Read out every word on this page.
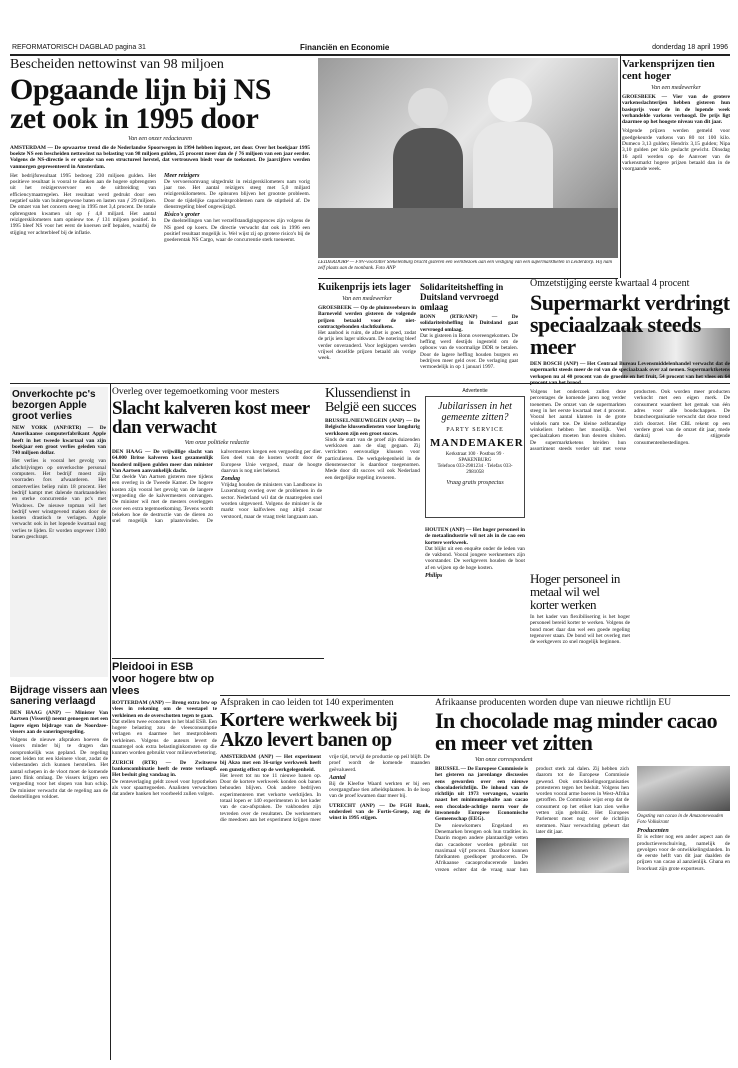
REFORMATORISCH DAGBLAD pagina 31	Financiën en Economie	donderdag 18 april 1996
Bescheiden nettowinst van 98 miljoen
Opgaande lijn bij NS zet ook in 1995 door
Van een onzer redacteuren
AMSTERDAM — De opwaartse trend die de Nederlandse Spoorwegen in 1994 hebben ingezet, zet door. Over het boekjaar 1995 boekte NS een bescheiden nettowinst na belasting van 98 miljoen gulden, 25 procent meer dan de ƒ 76 miljoen van een jaar eerder. Volgens de NS-directie is er sprake van een structureel herstel, dat vertrouwen biedt voor de toekomst. De jaarcijfers werden vanmorgen gepresenteerd in Amsterdam.
Het bedrijfsresultaat 1995 bedroeg 230 miljoen gulden. Het positieve resultaat is vooral te danken aan de hogere opbrengsten uit het reizigersvervoer en de uitbreiding van efficiencymaatregelen. Het resultaat werd gedrukt door een negatief saldo van buitengewone baten en lasten van ƒ 29 miljoen. De omzet van het concern steeg in 1995 met 3,4 procent. De totale opbrengsten kwamen uit op ƒ 4,8 miljard. Het aantal reizigerskilometers nam opnieuw toe. ƒ 131 miljoen positief. In 1995 bleef NS voor het eerst de koersen zelf bepalen, waarbij de stijging ver achterbleef bij de inflatie.
Meer reizigers
De vervoersomvang uitgedrukt in reizigerskilometers nam vorig jaar toe. Het aantal reizigers steeg met 5,0 miljard reizigerskilometers. De spitsuren blijven het grootste probleem. Door de tijdelijke capaciteitsproblemen nam de stiptheid af. De dienstregeling bleef ongewijzigd.
Risico's groter
De doelstellingen van het verzelfstandigingsproces zijn volgens de NS goed op koers. De directie verwacht dat ook in 1996 een positief resultaat mogelijk is. Wel wijst zij op grotere risico's bij de goederentak NS Cargo, waar de concurrentie sterk toeneemt.
LEIDERDORP — FNV-voorzitter Stekelenburg bracht gisteren een werkbezoek aan een vestiging van een supermarktketen in Leiderdorp. Hij nam zelf plaats aan de toonbank. Foto ANP
Varkensprijzen tien cent hoger
Van een medewerker
GROESBEEK — Vier van de grotere varkensslachterijen hebben gisteren hun basisprijs voor de in de lopende week verhandelde varkens verhoogd. De prijs ligt daarmee op het hoogste niveau van dit jaar.
Volgende prijzen werden gemeld voor goedgekeurde varkens van 80 tot 100 kilo. Dumeco 3,13 gulden; Hendrix 3,15 gulden; Nipa 3,10 gulden per kilo geslacht gewicht. Dinsdag 16 april werden op de Aanvoer van de varkensmarkt hogere prijzen betaald dan in de voorgaande week.
Kuikenprijs iets lager
Van een medewerker
GROESBEEK — Op de pluimveebeurs in Barneveld werden gisteren de volgende prijzen betaald voor de niet-contractgebonden slachtkuikens.
Het aanbod is ruim, de afzet is goed, zodat de prijs iets lager uitkwam. De notering bleef verder onveranderd. Voor legkippen werden vrijwel dezelfde prijzen betaald als vorige week.
Solidariteitsheffing in Duitsland vervroegd omlaag
BONN (RTR/ANP) — De solidariteitsheffing in Duitsland gaat vervroegd omlaag.
Dat is gisteren in Bonn overeengekomen. De heffing werd destijds ingesteld om de opbouw van de voormalige DDR te betalen. Door de lagere heffing houden burgers en bedrijven meer geld over. De verlaging gaat vermoedelijk in op 1 januari 1997.
Onverkochte pc's bezorgen Apple groot verlies
NEW YORK (ANP/RTR) — De Amerikaanse computerfabrikant Apple heeft in het tweede kwartaal van zijn boekjaar een groot verlies geleden van 740 miljoen dollar.
Het verlies is vooral het gevolg van afschrijvingen op onverkochte personal computers. Het bedrijf moest zijn voorraden fors afwaarderen. Het omzetverlies beliep ruim 18 procent. Het bedrijf kampt met dalende marktaandelen en sterke concurrentie van pc's met Windows. De nieuwe topman wil het bedrijf weer winstgevend maken door de kosten drastisch te verlagen. Apple verwacht ook in het lopende kwartaal nog verlies te lijden. Er worden ongeveer 1300 banen geschrapt.
Bijdrage vissers aan sanering verlaagd
DEN HAAG (ANP) — Minister Van Aartsen (Visserij) neemt genoegen met een lagere eigen bijdrage van de Noordzee-vissers aan de saneringsregeling.
Volgens de nieuwe afspraken hoeven de vissers minder bij te dragen dan oorspronkelijk was gepland. De regeling moet leiden tot een kleinere vloot, zodat de visbestanden zich kunnen herstellen. Het aantal schepen in de vloot moet de komende jaren flink omlaag. De vissers krijgen een vergoeding voor het slopen van hun schip. De minister verwacht dat de regeling aan de doelstellingen voldoet.
Overleg over tegemoetkoming voor mesters
Slacht kalveren kost meer dan verwacht
Van onze politieke redactie
DEN HAAG — De vrijwillige slacht van 64.000 Britse kalveren kost gezamenlijk honderd miljoen gulden meer dan minister Van Aartsen aanvankelijk dacht.
Dat deelde Van Aartsen gisteren mee tijdens een overleg in de Tweede Kamer. De hogere kosten zijn vooral het gevolg van de langere vergoeding die de kalvermesters ontvangen. De minister wil met de mesters overleggen over een extra tegemoetkoming. Tevens wordt bekeken hoe de destructie van de dieren zo snel mogelijk kan plaatsvinden. De kalvermesters kregen een vergoeding per dier. Een deel van de kosten wordt door de Europese Unie vergoed, maar de hoogte daarvan is nog niet bekend.
Zondag
Vrijdag houden de ministers van Landbouw in Luxemburg overleg over de problemen in de sector. Nederland wil dat de maatregelen snel worden uitgevoerd. Volgens de minister is de markt voor kalfsvlees nog altijd zwaar verstoord, maar de vraag trekt langzaam aan.
Pleidooi in ESB voor hogere btw op vlees
ROTTERDAM (ANP) — Breng extra btw op vlees in rekening om de veestapel te verkleinen en de overschotten tegen te gaan.
Dat stellen twee economen in het blad ESB. Een hogere belasting zou de vleesconsumptie verlagen en daarmee het mestprobleem verkleinen. Volgens de auteurs levert de maatregel ook extra belastinginkomsten op die kunnen worden gebruikt voor milieuverbetering.
ZURICH (RTR) — De Zwitserse bankencombinatie heeft de rente verlaagd. Het besluit ging vandaag in.
De renteverlaging geldt zowel voor hypotheken als voor spaartegoeden. Analisten verwachten dat andere banken het voorbeeld zullen volgen.
Klussendienst in België een succes
BRUSSEL/NIEUWEGEIN (ANP) — De Belgische klussendiensten voor langdurig werklozen zijn een groot succes.
Sinds de start van de proef zijn duizenden werklozen aan de slag gegaan. Zij verrichten eenvoudige klussen voor particulieren. De werkgelegenheid in de dienstensector is daardoor toegenomen. Mede door dit succes wil ook Nederland een dergelijke regeling invoeren.
Advertentie
Jubilarissen in het gemeente zitten?
PARTY SERVICE
MANDEMAKER
Kerkstraat 100 · Postbus 99 · SPAKENBURG
Telefoon 033-2981234 · Telefax 033-2981058
Vraag gratis prospectus
HOUTEN (ANP) — Het hoger personeel in de metaalindustrie wil net als in de cao een kortere werkweek.
Dat blijkt uit een enquête onder de leden van de vakbond. Vooral jongere werknemers zijn voorstander. De werkgevers houden de boot af en wijzen op de hoge kosten.
Philips
Omzetstijging eerste kwartaal 4 procent
Supermarkt verdringt speciaalzaak steeds meer
DEN BOSCH (ANP) — Het Centraal Bureau Levensmiddelenhandel verwacht dat de supermarkt steeds meer de rol van de speciaalzaak over zal nemen. Supermarktketens verkopen nu al 40 procent van de groente en het fruit, 54 procent van het vlees en 64 procent van het brood.
Volgens het onderzoek zullen deze percentages de komende jaren nog verder toenemen. De omzet van de supermarkten steeg in het eerste kwartaal met 4 procent. Vooral het aantal klanten in de grote winkels nam toe. De kleine zelfstandige winkeliers hebben het moeilijk. Veel speciaalzaken moeten hun deuren sluiten. De supermarktketens breiden hun assortiment steeds verder uit met verse producten. Ook worden meer producten verkocht met een eigen merk. De consument waardeert het gemak van één adres voor alle boodschappen. De brancheorganisatie verwacht dat deze trend zich doorzet. Het CBL rekent op een verdere groei van de omzet dit jaar, mede dankzij de stijgende consumentenbestedingen.
Hoger personeel in metaal wil wel korter werken
In het kader van flexibilisering is het hoger personeel bereid korter te werken. Volgens de bond moet daar dan wel een goede regeling tegenover staan. De bond wil het overleg met de werkgevers zo snel mogelijk beginnen.
Afspraken in cao leiden tot 140 experimenten
Kortere werkweek bij Akzo levert banen op
AMSTERDAM (ANP) — Het experiment bij Akzo met een 36-urige werkweek heeft een gunstig effect op de werkgelegenheid.
Het levert tot nu toe 11 nieuwe banen op. Door de kortere werkweek konden ook banen behouden blijven. Ook andere bedrijven experimenteren met verkorte werktijden. In totaal lopen er 140 experimenten in het kader van de cao-afspraken. De vakbonden zijn tevreden over de resultaten. De werknemers die meedoen aan het experiment krijgen meer vrije tijd, terwijl de productie op peil blijft. De proef wordt de komende maanden geëvalueerd.
Aantal
Bij de Kleefse Waard werkten er bij een overgangsfase tien arbeidsplaatsen. In de loop van de proef kwamen daar meer bij.
UTRECHT (ANP) — De FGH Bank, onderdeel van de Fortis-Groep, zag de winst in 1995 stijgen.
Afrikaanse producenten worden dupe van nieuwe richtlijn EU
In chocolade mag minder cacao en meer vet zitten
Van onze correspondent
BRUSSEL — De Europese Commissie is het gisteren na jarenlange discussies eens geworden over een nieuwe chocoladerichtlijn. De inhoud van de richtlijn uit 1973 vervangen, waarin naast het minimumgehalte aan cacao een chocolade-achtige norm voor de inwonende Europese Economische Gemeenschap (EEG).
De nieuwkomers Engeland en Denemarken brengen ook hun tradities in. Daarin mogen andere plantaardige vetten dan cacaoboter worden gebruikt tot maximaal vijf procent. Daardoor kunnen fabrikanten goedkoper produceren. De Afrikaanse cacaoproducerende landen vrezen echter dat de vraag naar hun product sterk zal dalen. Zij hebben zich daarom tot de Europese Commissie gewend. Ook ontwikkelingsorganisaties protesteren tegen het besluit. Volgens hen worden vooral arme boeren in West-Afrika getroffen. De Commissie wijst erop dat de consument op het etiket kan zien welke vetten zijn gebruikt. Het Europees Parlement moet nog over de richtlijn stemmen. Naar verwachting gebeurt dat later dit jaar.
Oogsting van cacao in de Amazonewouden Foto Volkskrant
Producenten
Er is echter nog een ander aspect aan de productieverschuiving, namelijk de gevolgen voor de ontwikkelingslanden. In de eerste helft van dit jaar daalden de prijzen van cacao al aanzienlijk. Ghana en Ivoorkust zijn grote exporteurs.
